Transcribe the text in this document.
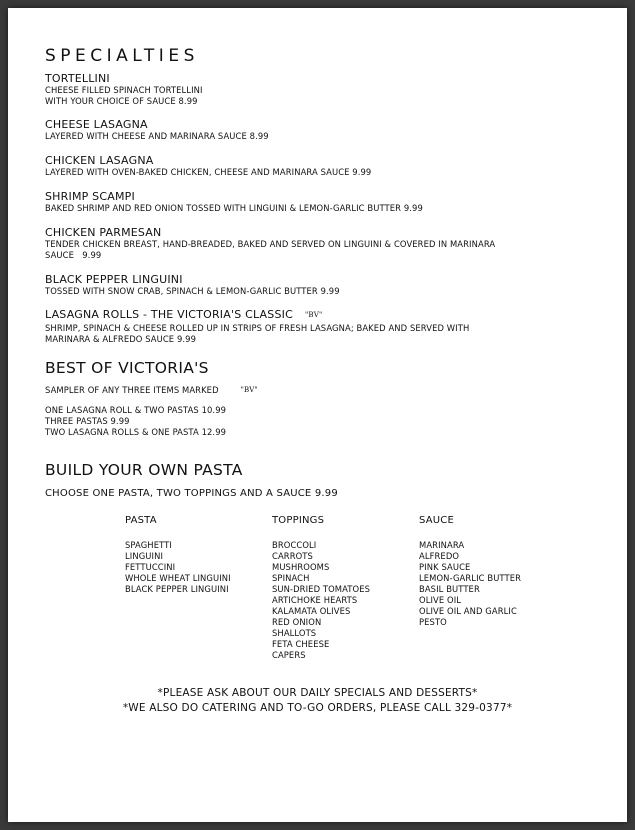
SPECIALTIES
TORTELLINI
CHEESE FILLED SPINACH TORTELLINI
WITH YOUR CHOICE OF SAUCE 8.99
CHEESE LASAGNA
LAYERED WITH CHEESE AND MARINARA SAUCE 8.99
CHICKEN LASAGNA
LAYERED WITH OVEN-BAKED CHICKEN, CHEESE AND MARINARA SAUCE 9.99
SHRIMP SCAMPI
BAKED SHRIMP AND RED ONION TOSSED WITH LINGUINI & LEMON-GARLIC BUTTER 9.99
CHICKEN PARMESAN
TENDER CHICKEN BREAST, HAND-BREADED, BAKED AND SERVED ON LINGUINI & COVERED IN MARINARA
SAUCE   9.99
BLACK PEPPER LINGUINI
TOSSED WITH SNOW CRAB, SPINACH & LEMON-GARLIC BUTTER 9.99
LASAGNA ROLLS - THE VICTORIA'S CLASSIC "BV"
SHRIMP, SPINACH & CHEESE ROLLED UP IN STRIPS OF FRESH LASAGNA; BAKED AND SERVED WITH
MARINARA & ALFREDO SAUCE 9.99
BEST OF VICTORIA'S
SAMPLER OF ANY THREE ITEMS MARKED	"BV"
ONE LASAGNA ROLL & TWO PASTAS 10.99
THREE PASTAS 9.99
TWO LASAGNA ROLLS & ONE PASTA 12.99
BUILD YOUR OWN PASTA
CHOOSE ONE PASTA, TWO TOPPINGS AND A SAUCE 9.99
PASTA
SPAGHETTI
LINGUINI
FETTUCCINI
WHOLE WHEAT LINGUINI
BLACK PEPPER LINGUINI
TOPPINGS
BROCCOLI
CARROTS
MUSHROOMS
SPINACH
SUN-DRIED TOMATOES
ARTICHOKE HEARTS
KALAMATA OLIVES
RED ONION
SHALLOTS
FETA CHEESE
CAPERS
SAUCE
MARINARA
ALFREDO
PINK SAUCE
LEMON-GARLIC BUTTER
BASIL BUTTER
OLIVE OIL
OLIVE OIL AND GARLIC
PESTO
*PLEASE ASK ABOUT OUR DAILY SPECIALS AND DESSERTS*
*WE ALSO DO CATERING AND TO-GO ORDERS, PLEASE CALL 329-0377*
